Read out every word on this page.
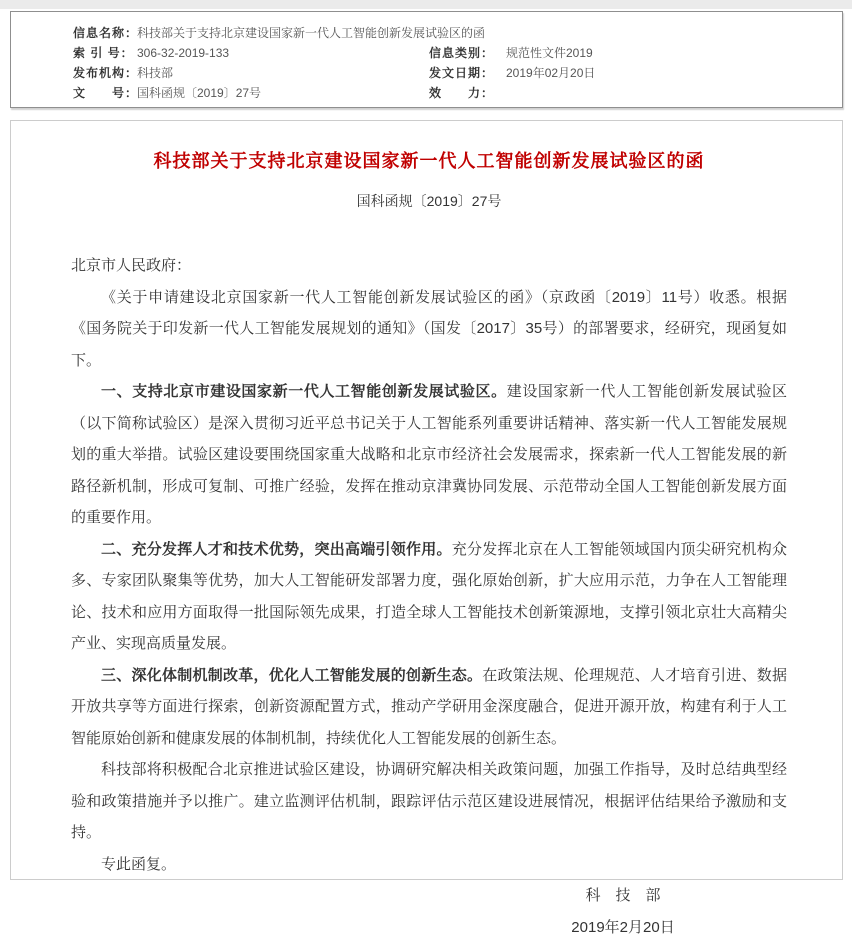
信息名称：
科技部关于支持北京建设国家新一代人工智能创新发展试验区的函
索 引 号： 306-32-2019-133	信息类别： 规范性文件2019
发布机构：
科技部	发文日期： 2019年02月20日
文　　号：
国科函规〔2019〕27号	效　　力：
科技部关于支持北京建设国家新一代人工智能创新发展试验区的函
国科函规〔2019〕27号

北京市人民政府：

《关于申请建设北京国家新一代人工智能创新发展试验区的函》（京政函〔2019〕11号）收悉。根据《国务院关于印发新一代人工智能发展规划的通知》（国发〔2017〕35号）的部署要求，经研究，现函复如下。

一、支持北京市建设国家新一代人工智能创新发展试验区。建设国家新一代人工智能创新发展试验区（以下简称试验区）是深入贯彻习近平总书记关于人工智能系列重要讲话精神、落实新一代人工智能发展规划的重大举措。试验区建设要围绕国家重大战略和北京市经济社会发展需求，探索新一代人工智能发展的新路径新机制，形成可复制、可推广经验，发挥在推动京津冀协同发展、示范带动全国人工智能创新发展方面的重要作用。

二、充分发挥人才和技术优势，突出高端引领作用。充分发挥北京在人工智能领域国内顶尖研究机构众多、专家团队聚集等优势，加大人工智能研发部署力度，强化原始创新，扩大应用示范，力争在人工智能理论、技术和应用方面取得一批国际领先成果，打造全球人工智能技术创新策源地，支撑引领北京壮大高精尖产业、实现高质量发展。

三、深化体制机制改革，优化人工智能发展的创新生态。在政策法规、伦理规范、人才培育引进、数据开放共享等方面进行探索，创新资源配置方式，推动产学研用金深度融合，促进开源开放，构建有利于人工智能原始创新和健康发展的体制机制，持续优化人工智能发展的创新生态。

科技部将积极配合北京推进试验区建设，协调研究解决相关政策问题，加强工作指导，及时总结典型经验和政策措施并予以推广。建立监测评估机制，跟踪评估示范区建设进展情况，根据评估结果给予激励和支持。

专此函复。

科　技　部
2019年2月20日
